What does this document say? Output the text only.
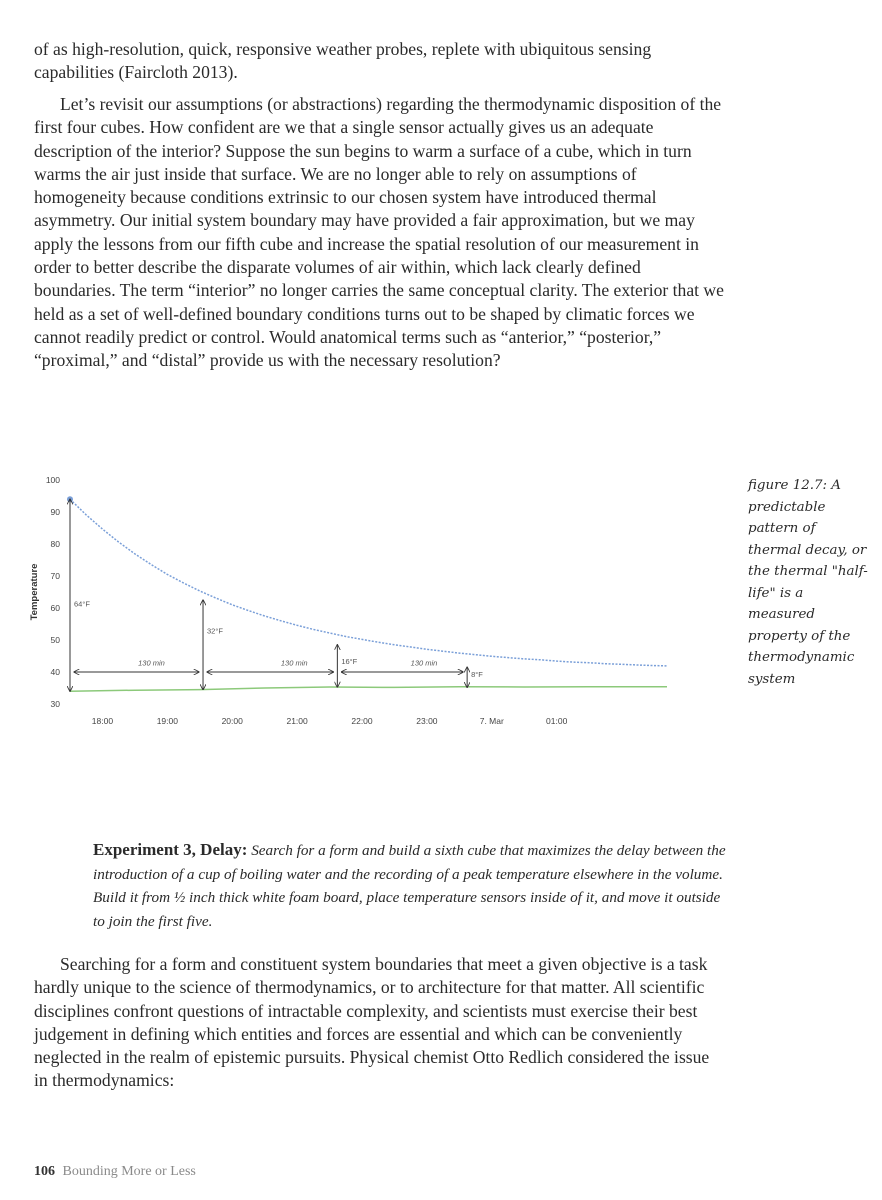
of as high-resolution, quick, responsive weather probes, replete with ubiquitous sensing capabilities (Faircloth 2013).

Let’s revisit our assumptions (or abstractions) regarding the thermodynamic disposition of the first four cubes. How confident are we that a single sensor actually gives us an adequate description of the interior? Suppose the sun begins to warm a surface of a cube, which in turn warms the air just inside that surface. We are no longer able to rely on assumptions of homogeneity because conditions extrinsic to our chosen system have introduced thermal asymmetry. Our initial system boundary may have provided a fair approximation, but we may apply the lessons from our fifth cube and increase the spatial resolution of our measurement in order to better describe the disparate volumes of air within, which lack clearly defined boundaries. The term “interior” no longer carries the same conceptual clarity. The exterior that we held as a set of well-defined boundary conditions turns out to be shaped by climatic forces we cannot readily predict or control. Would anatomical terms such as “anterior,” “posterior,” “proximal,” and “distal” provide us with the necessary resolution?

30
40
50
60
70
80
90
100
Temperature
18:00	19:00	20:00	21:00	22:00	23:00	7. Mar	01:00
64°F
32°F
16°F
8°F
130 min	130 min	130 min
figure 12.7: A predictable pattern of thermal decay, or the thermal "half-life" is a measured property of the thermodynamic system
Experiment 3, Delay: Search for a form and build a sixth cube that maximizes the delay between the introduction of a cup of boiling water and the recording of a peak temperature elsewhere in the volume. Build it from ½ inch thick white foam board, place temperature sensors inside of it, and move it outside to join the first five.

Searching for a form and constituent system boundaries that meet a given objective is a task hardly unique to the science of thermodynamics, or to architecture for that matter. All scientific disciplines confront questions of intractable complexity, and scientists must exercise their best judgement in defining which entities and forces are essential and which can be conveniently neglected in the realm of epistemic pursuits. Physical chemist Otto Redlich considered the issue in thermodynamics:

106 Bounding More or Less
